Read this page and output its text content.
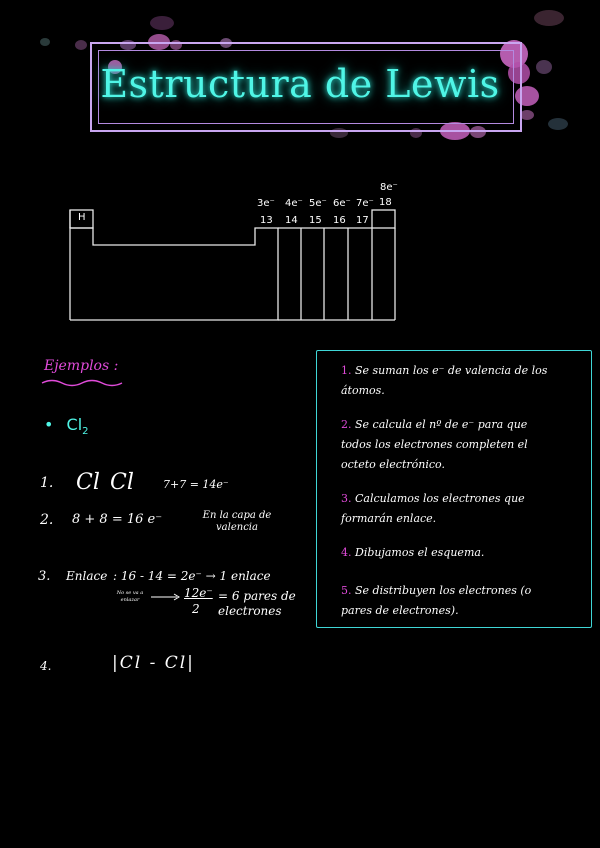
Estructura de Lewis
H
3e⁻ 4e⁻ 5e⁻ 6e⁻ 7e⁻
13 14 15 16 17
8e⁻
18
Ejemplos :
• $Cl_2$
1. Cl Cl	7+7 = 14e⁻
2. 8 + 8 = 16 e⁻	En la capa de valencia
3. Enlace : 16 - 14 = 2e⁻ → 1 enlace
No se va a enlazar	12e⁻
2
= 6 pares de electrones
4.	|Cl - Cl|
1. Se suman los e⁻ de valencia de los átomos.
2. Se calcula el nº de e⁻ para que todos los electrones completen el octeto electrónico.
3. Calculamos los electrones que formarán enlace.
4. Dibujamos el esquema.
5. Se distribuyen los electrones (o pares de electrones).
